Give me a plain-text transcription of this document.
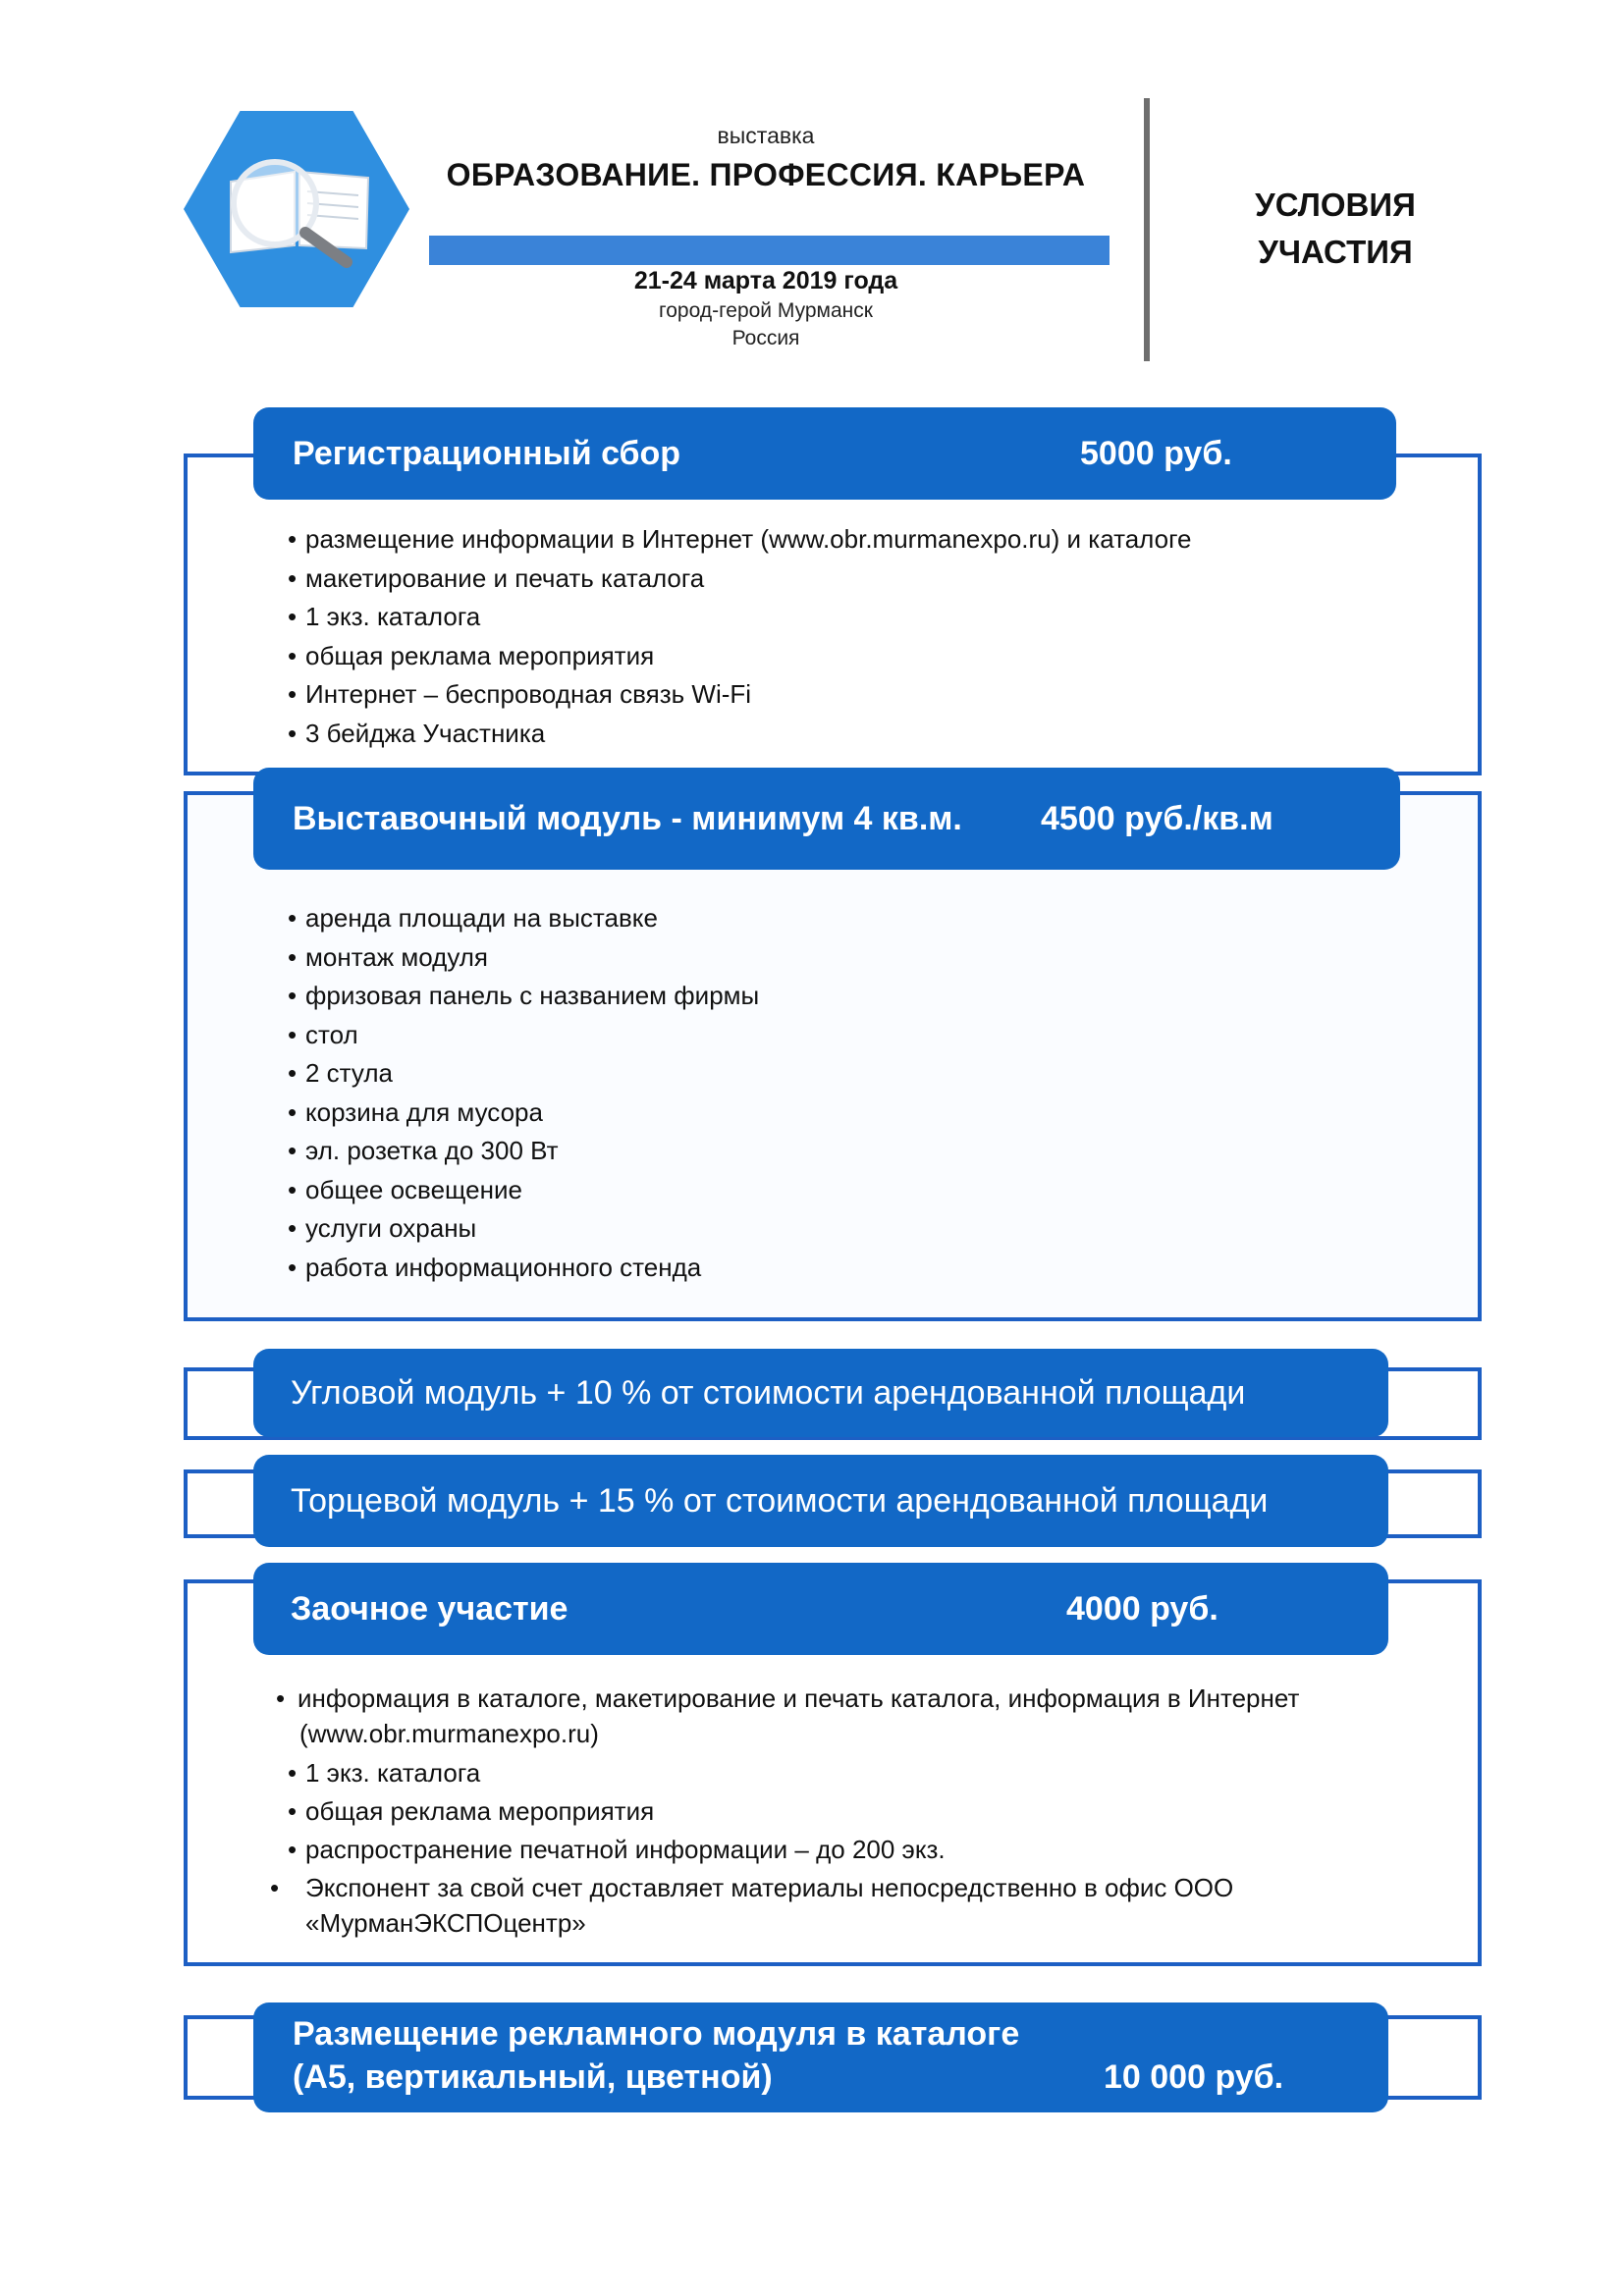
выставка
ОБРАЗОВАНИЕ. ПРОФЕССИЯ. КАРЬЕРА
21-24 марта 2019 года
город-герой Мурманск
Россия
УСЛОВИЯ
УЧАСТИЯ
Регистрационный сбор	5000 руб.
• размещение информации в Интернет (www.obr.murmanexpo.ru) и каталоге
• макетирование и печать каталога
• 1 экз. каталога
• общая реклама мероприятия
• Интернет – беспроводная связь Wi-Fi
• 3 бейджа Участника
Выставочный модуль - минимум 4 кв.м. 4500 руб./кв.м
• аренда площади на выставке
• монтаж модуля
• фризовая панель с названием фирмы
• стол
• 2 стула
• корзина для мусора
• эл. розетка до 300 Вт
• общее освещение
• услуги охраны
• работа информационного стенда
Угловой модуль + 10 % от стоимости арендованной площади
Торцевой модуль + 15 % от стоимости арендованной площади
Заочное участие	4000 руб.
• информация в каталоге, макетирование и печать каталога, информация в Интернет (www.obr.murmanexpo.ru)
• 1 экз. каталога
• общая реклама мероприятия
• распространение печатной информации – до 200 экз.
• Экспонент за свой счет доставляет материалы непосредственно в офис ООО «МурманЭКСПОцентр»
Размещение рекламного модуля в каталоге
(А5, вертикальный, цветной)	10 000 руб.
